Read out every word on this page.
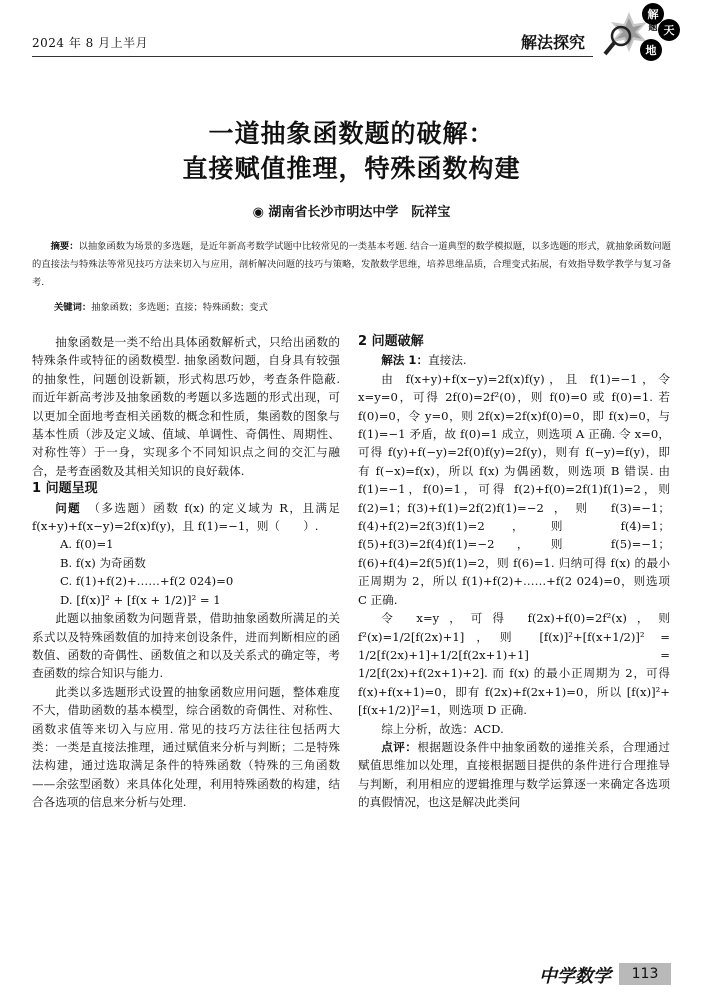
2024 年 8 月上半月	解法探究
解
题 天
地
一道抽象函数题的破解：
直接赋值推理，特殊函数构建
◉ 湖南省长沙市明达中学　阮祥宝
摘要：以抽象函数为场景的多选题，是近年新高考数学试题中比较常见的一类基本考题. 结合一道典型的数学模拟题，以多选题的形式，就抽象函数问题的直接法与特殊法等常见技巧方法来切入与应用，剖析解决问题的技巧与策略，发散数学思维，培养思维品质，合理变式拓展，有效指导数学教学与复习备考.
关键词：抽象函数；多选题；直接；特殊函数；变式

抽象函数是一类不给出具体函数解析式，只给出函数的特殊条件或特征的函数模型. 抽象函数问题，自身具有较强的抽象性，问题创设新颖，形式构思巧妙，考查条件隐蔽. 而近年新高考涉及抽象函数的考题以多选题的形式出现，可以更加全面地考查相关函数的概念和性质，集函数的图象与基本性质（涉及定义域、值域、单调性、奇偶性、周期性、对称性等）于一身，实现多个不同知识点之间的交汇与融合，是考查函数及其相关知识的良好载体.

1 问题呈现

问题　 （多选题）函数 f(x) 的定义域为 R，且满足 f(x+y)+f(x−y)=2f(x)f(y)，且 f(1)=−1，则（　　）.

A. f(0)=1

B. f(x) 为奇函数

C. f(1)+f(2)+……+f(2 024)=0

D. [f(x)]² + [f(x + 1/2)]² = 1

此题以抽象函数为问题背景，借助抽象函数所满足的关系式以及特殊函数值的加持来创设条件，进而判断相应的函数值、函数的奇偶性、函数值之和以及关系式的确定等，考查函数的综合知识与能力.

此类以多选题形式设置的抽象函数应用问题，整体难度不大，借助函数的基本模型，综合函数的奇偶性、对称性、函数求值等来切入与应用. 常见的技巧方法往往包括两大类：一类是直接法推理，通过赋值来分析与判断；二是特殊法构建，通过选取满足条件的特殊函数（特殊的三角函数——余弦型函数）来具体化处理，利用特殊函数的构建，结合各选项的信息来分析与处理.

2 问题破解

解法 1：直接法.

由 f(x+y)+f(x−y)=2f(x)f(y)，且 f(1)=−1，令 x=y=0，可得 2f(0)=2f²(0)，则 f(0)=0 或 f(0)=1. 若 f(0)=0，令 y=0，则 2f(x)=2f(x)f(0)=0，即 f(x)=0，与 f(1)=−1 矛盾，故 f(0)=1 成立，则选项 A 正确. 令 x=0，可得 f(y)+f(−y)=2f(0)f(y)=2f(y)，则有 f(−y)=f(y)，即有 f(−x)=f(x)，所以 f(x) 为偶函数，则选项 B 错误. 由 f(1)=−1，f(0)=1，可得 f(2)+f(0)=2f(1)f(1)=2，则 f(2)=1；f(3)+f(1)=2f(2)f(1)=−2，则 f(3)=−1；f(4)+f(2)=2f(3)f(1)=2，则 f(4)=1；f(5)+f(3)=2f(4)f(1)=−2，则 f(5)=−1；f(6)+f(4)=2f(5)f(1)=2，则 f(6)=1. 归纳可得 f(x) 的最小正周期为 2，所以 f(1)+f(2)+……+f(2 024)=0，则选项 C 正确.

令 x=y，可得 f(2x)+f(0)=2f²(x)，则 f²(x)=1/2[f(2x)+1]，则 [f(x)]²+[f(x+1/2)]² = 1/2[f(2x)+1]+1/2[f(2x+1)+1] = 1/2[f(2x)+f(2x+1)+2]. 而 f(x) 的最小正周期为 2，可得 f(x)+f(x+1)=0，即有 f(2x)+f(2x+1)=0，所以 [f(x)]²+[f(x+1/2)]²=1，则选项 D 正确.

综上分析，故选：ACD.

点评：根据题设条件中抽象函数的递推关系，合理通过赋值思维加以处理，直接根据题目提供的条件进行合理推导与判断，利用相应的逻辑推理与数学运算逐一来确定各选项的真假情况，也这是解决此类问

中学数学	113
